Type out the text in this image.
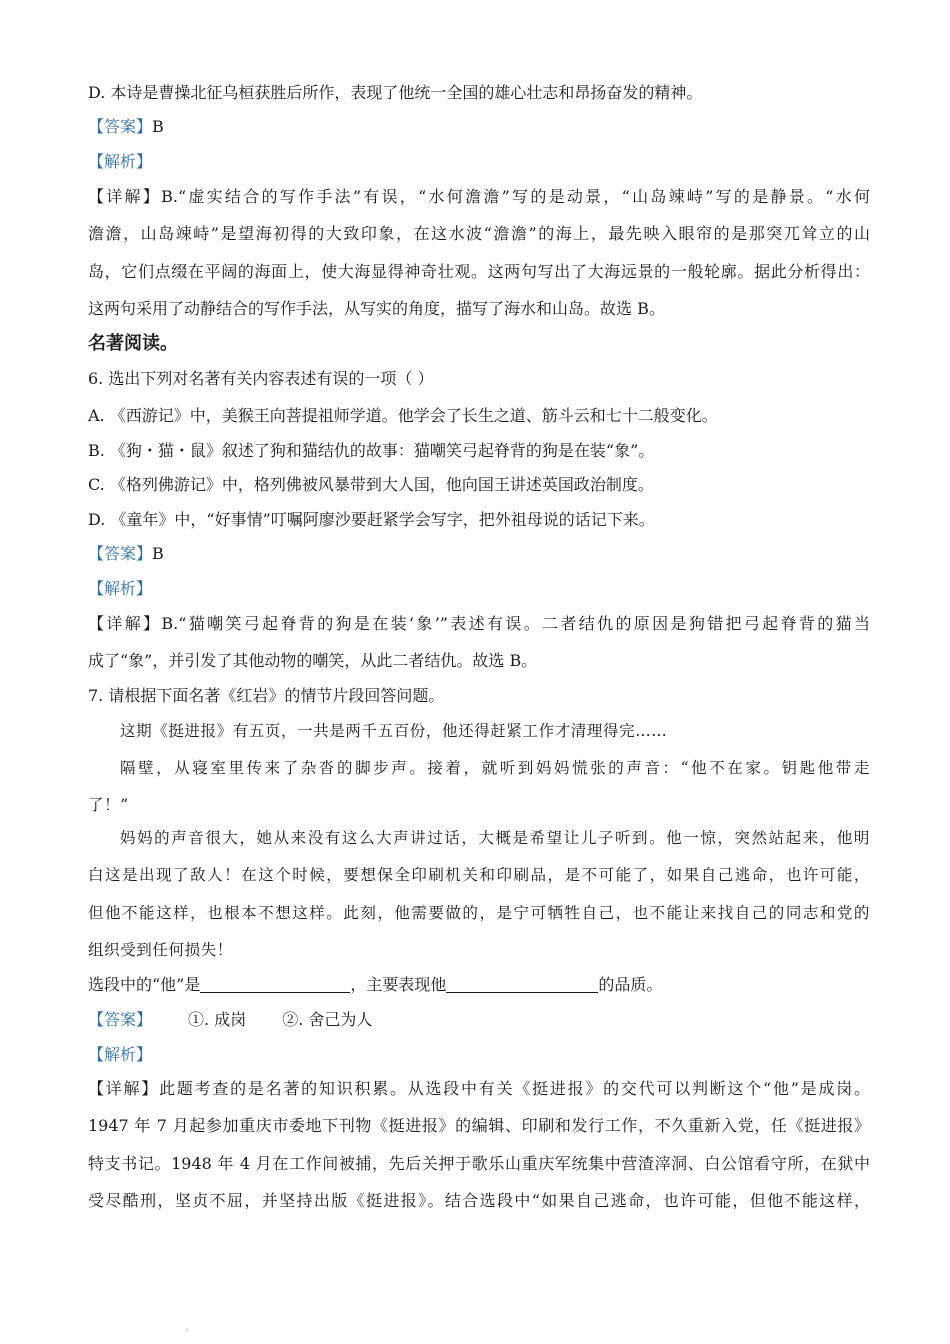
D. 本诗是曹操北征乌桓获胜后所作，表现了他统一全国的雄心壮志和昂扬奋发的精神。
【答案】B
【解析】
【详解】B.“虚实结合的写作手法”有误，“水何澹澹”写的是动景，“山岛竦峙”写的是静景。“水何
澹澹，山岛竦峙”是望海初得的大致印象，在这水波“澹澹”的海上，最先映入眼帘的是那突兀耸立的山
岛，它们点缀在平阔的海面上，使大海显得神奇壮观。这两句写出了大海远景的一般轮廓。据此分析得出：
这两句采用了动静结合的写作手法，从写实的角度，描写了海水和山岛。故选 B。
名著阅读。
6. 选出下列对名著有关内容表述有误的一项（ ）
A. 《西游记》中，美猴王向菩提祖师学道。他学会了长生之道、筋斗云和七十二般变化。
B. 《狗・猫・鼠》叙述了狗和猫结仇的故事：猫嘲笑弓起脊背的狗是在装“象”。
C. 《格列佛游记》中，格列佛被风暴带到大人国，他向国王讲述英国政治制度。
D. 《童年》中，“好事情”叮嘱阿廖沙要赶紧学会写字，把外祖母说的话记下来。
【答案】B
【解析】
【详解】B.“猫嘲笑弓起脊背的狗是在装‘象’”表述有误。二者结仇的原因是狗错把弓起脊背的猫当
成了“象”，并引发了其他动物的嘲笑，从此二者结仇。故选 B。
7. 请根据下面名著《红岩》的情节片段回答问题。
这期《挺进报》有五页，一共是两千五百份，他还得赶紧工作才清理得完……
隔壁，从寝室里传来了杂沓的脚步声。接着，就听到妈妈慌张的声音：“他不在家。钥匙他带走
了！”
妈妈的声音很大，她从来没有这么大声讲过话，大概是希望让儿子听到。他一惊，突然站起来，他明
白这是出现了敌人！在这个时候，要想保全印刷机关和印刷品，是不可能了，如果自己逃命，也许可能，
但他不能这样，也根本不想这样。此刻，他需要做的，是宁可牺牲自己，也不能让来找自己的同志和党的
组织受到任何损失！
选段中的“他”是	，主要表现他	的品质。
【答案】 ①. 成岗 ②. 舍己为人
【解析】
【详解】此题考查的是名著的知识积累。从选段中有关《挺进报》的交代可以判断这个“他”是成岗。
1947 年 7 月起参加重庆市委地下刊物《挺进报》的编辑、印刷和发行工作，不久重新入党，任《挺进报》
特支书记。1948 年 4 月在工作间被捕，先后关押于歌乐山重庆军统集中营渣滓洞、白公馆看守所，在狱中
受尽酷刑，坚贞不屈，并坚持出版《挺进报》。结合选段中“如果自己逃命，也许可能，但他不能这样，
